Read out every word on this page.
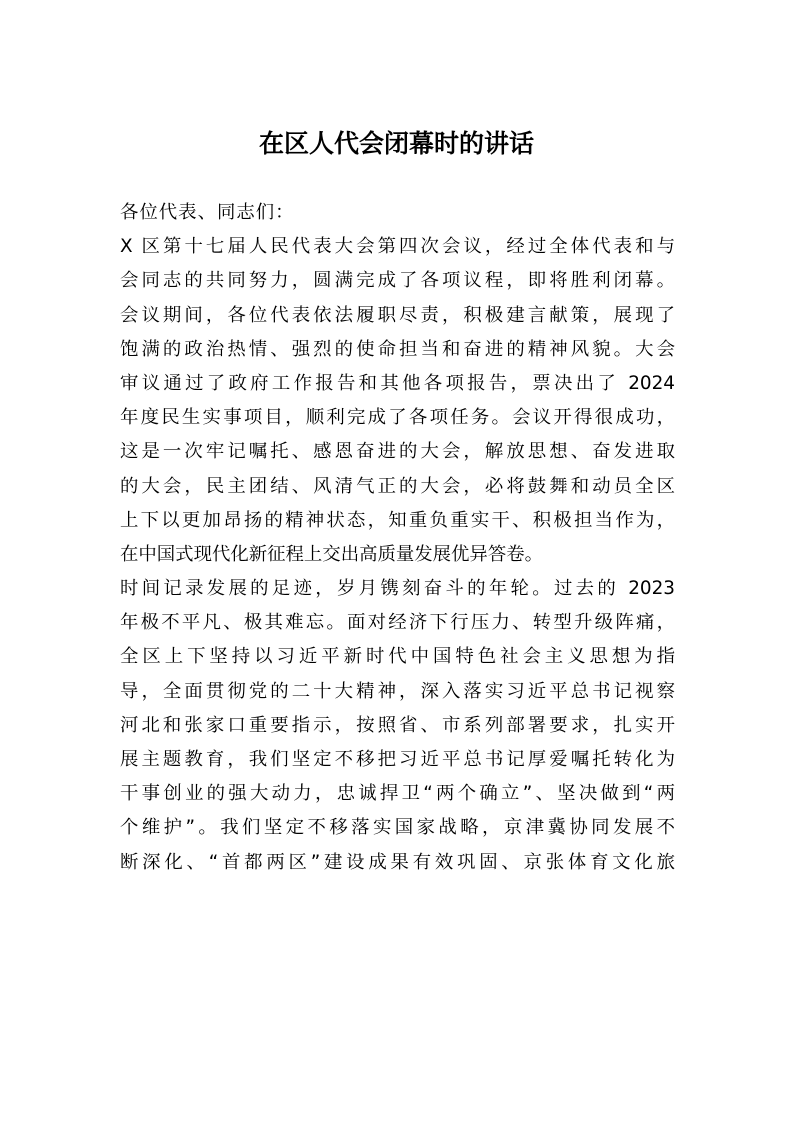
在区人代会闭幕时的讲话
各位代表、同志们：
X 区第十七届人民代表大会第四次会议，经过全体代表和与
会同志的共同努力，圆满完成了各项议程，即将胜利闭幕。
会议期间，各位代表依法履职尽责，积极建言献策，展现了
饱满的政治热情、强烈的使命担当和奋进的精神风貌。大会
审议通过了政府工作报告和其他各项报告，票决出了 2024
年度民生实事项目，顺利完成了各项任务。会议开得很成功，
这是一次牢记嘱托、感恩奋进的大会，解放思想、奋发进取
的大会，民主团结、风清气正的大会，必将鼓舞和动员全区
上下以更加昂扬的精神状态，知重负重实干、积极担当作为，
在中国式现代化新征程上交出高质量发展优异答卷。
时间记录发展的足迹，岁月镌刻奋斗的年轮。过去的 2023
年极不平凡、极其难忘。面对经济下行压力、转型升级阵痛，
全区上下坚持以习近平新时代中国特色社会主义思想为指
导，全面贯彻党的二十大精神，深入落实习近平总书记视察
河北和张家口重要指示，按照省、市系列部署要求，扎实开
展主题教育，我们坚定不移把习近平总书记厚爱嘱托转化为
干事创业的强大动力，忠诚捍卫“两个确立”、坚决做到“两
个维护”。我们坚定不移落实国家战略，京津冀协同发展不
断深化、“首都两区”建设成果有效巩固、京张体育文化旅
